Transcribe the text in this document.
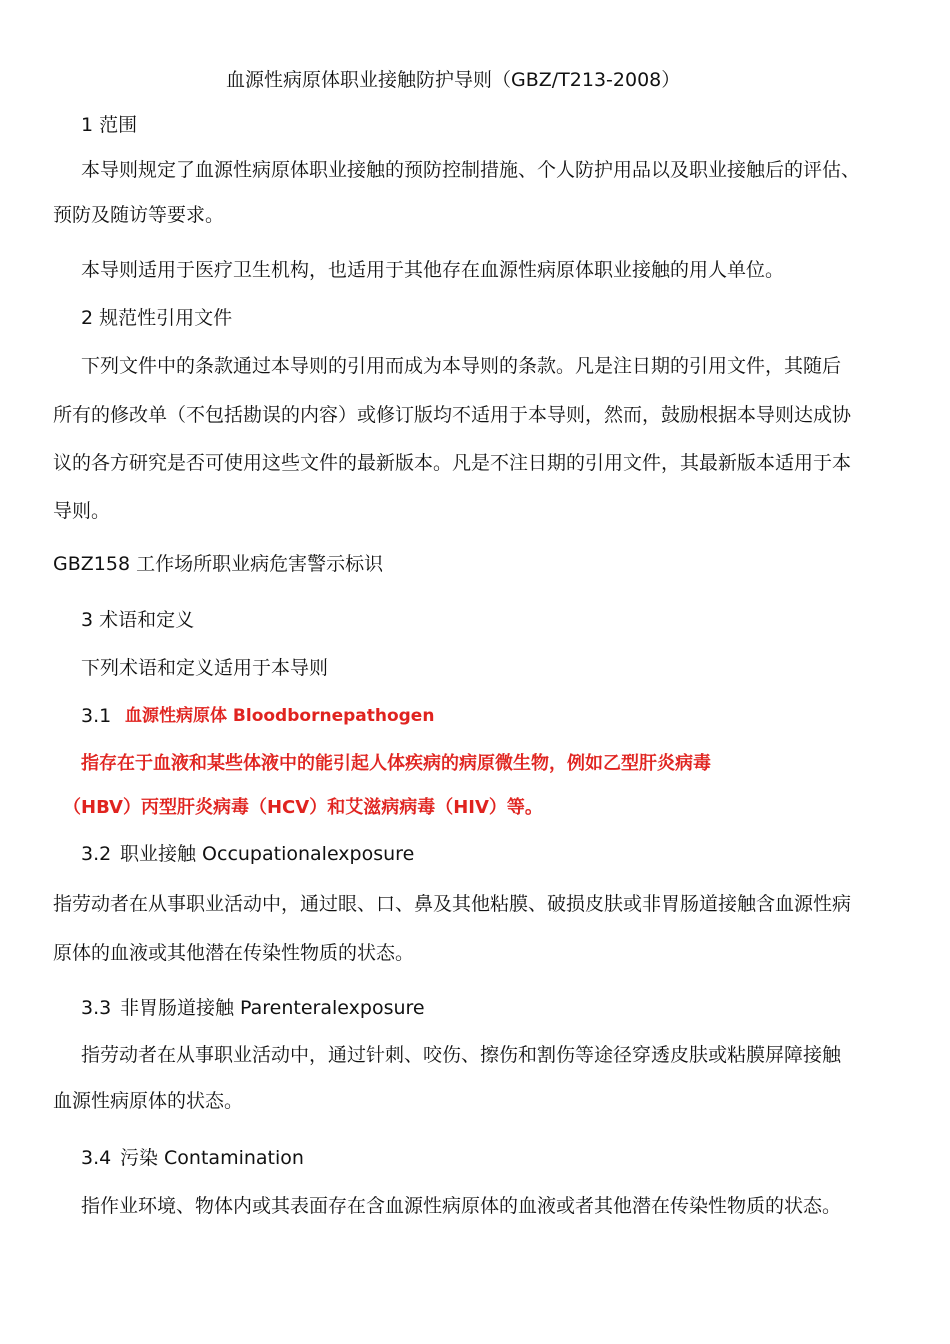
血源性病原体职业接触防护导则（GBZ/T213-2008）
1 范围
本导则规定了血源性病原体职业接触的预防控制措施、个人防护用品以及职业接触后的评估、
预防及随访等要求。
本导则适用于医疗卫生机构，也适用于其他存在血源性病原体职业接触的用人单位。
2 规范性引用文件
下列文件中的条款通过本导则的引用而成为本导则的条款。凡是注日期的引用文件，其随后
所有的修改单（不包括勘误的内容）或修订版均不适用于本导则，然而，鼓励根据本导则达成协
议的各方研究是否可使用这些文件的最新版本。凡是不注日期的引用文件，其最新版本适用于本
导则。
GBZ158 工作场所职业病危害警示标识
3 术语和定义
下列术语和定义适用于本导则
3.1 血源性病原体 Bloodbornepathogen
指存在于血液和某些体液中的能引起人体疾病的病原微生物，例如乙型肝炎病毒
（HBV）丙型肝炎病毒（HCV）和艾滋病病毒（HIV）等。
3.2 职业接触 Occupationalexposure
指劳动者在从事职业活动中，通过眼、口、鼻及其他粘膜、破损皮肤或非胃肠道接触含血源性病
原体的血液或其他潜在传染性物质的状态。
3.3 非胃肠道接触 Parenteralexposure
指劳动者在从事职业活动中，通过针刺、咬伤、擦伤和割伤等途径穿透皮肤或粘膜屏障接触
血源性病原体的状态。
3.4 污染 Contamination
指作业环境、物体内或其表面存在含血源性病原体的血液或者其他潜在传染性物质的状态。
